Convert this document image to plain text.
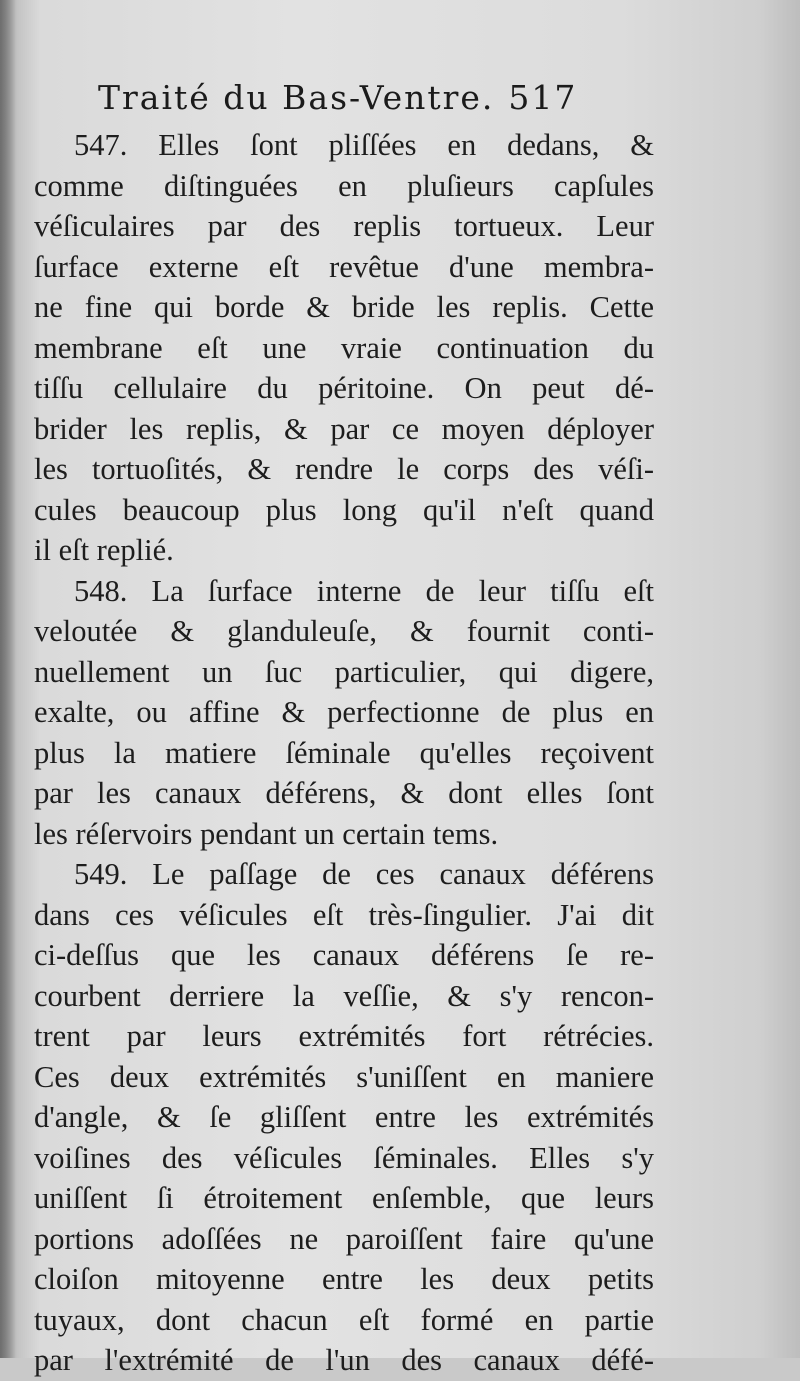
Traité du Bas-Ventre. 517
547. Elles ſont pliſſées en dedans, &
comme diſtinguées en pluſieurs capſules
véſiculaires par des replis tortueux. Leur
ſurface externe eſt revêtue d'une membra-
ne fine qui borde & bride les replis. Cette
membrane eſt une vraie continuation du
tiſſu cellulaire du péritoine. On peut dé-
brider les replis, & par ce moyen déployer
les tortuoſités, & rendre le corps des véſi-
cules beaucoup plus long qu'il n'eſt quand
il eſt replié.
548. La ſurface interne de leur tiſſu eſt
veloutée & glanduleuſe, & fournit conti-
nuellement un ſuc particulier, qui digere,
exalte, ou affine & perfectionne de plus en
plus la matiere ſéminale qu'elles reçoivent
par les canaux déférens, & dont elles ſont
les réſervoirs pendant un certain tems.
549. Le paſſage de ces canaux déférens
dans ces véſicules eſt très-ſingulier. J'ai dit
ci-deſſus que les canaux déférens ſe re-
courbent derriere la veſſie, & s'y rencon-
trent par leurs extrémités fort rétrécies.
Ces deux extrémités s'uniſſent en maniere
d'angle, & ſe gliſſent entre les extrémités
voiſines des véſicules ſéminales. Elles s'y
uniſſent ſi étroitement enſemble, que leurs
portions adoſſées ne paroiſſent faire qu'une
cloiſon mitoyenne entre les deux petits
tuyaux, dont chacun eſt formé en partie
par l'extrémité de l'un des canaux défé-
